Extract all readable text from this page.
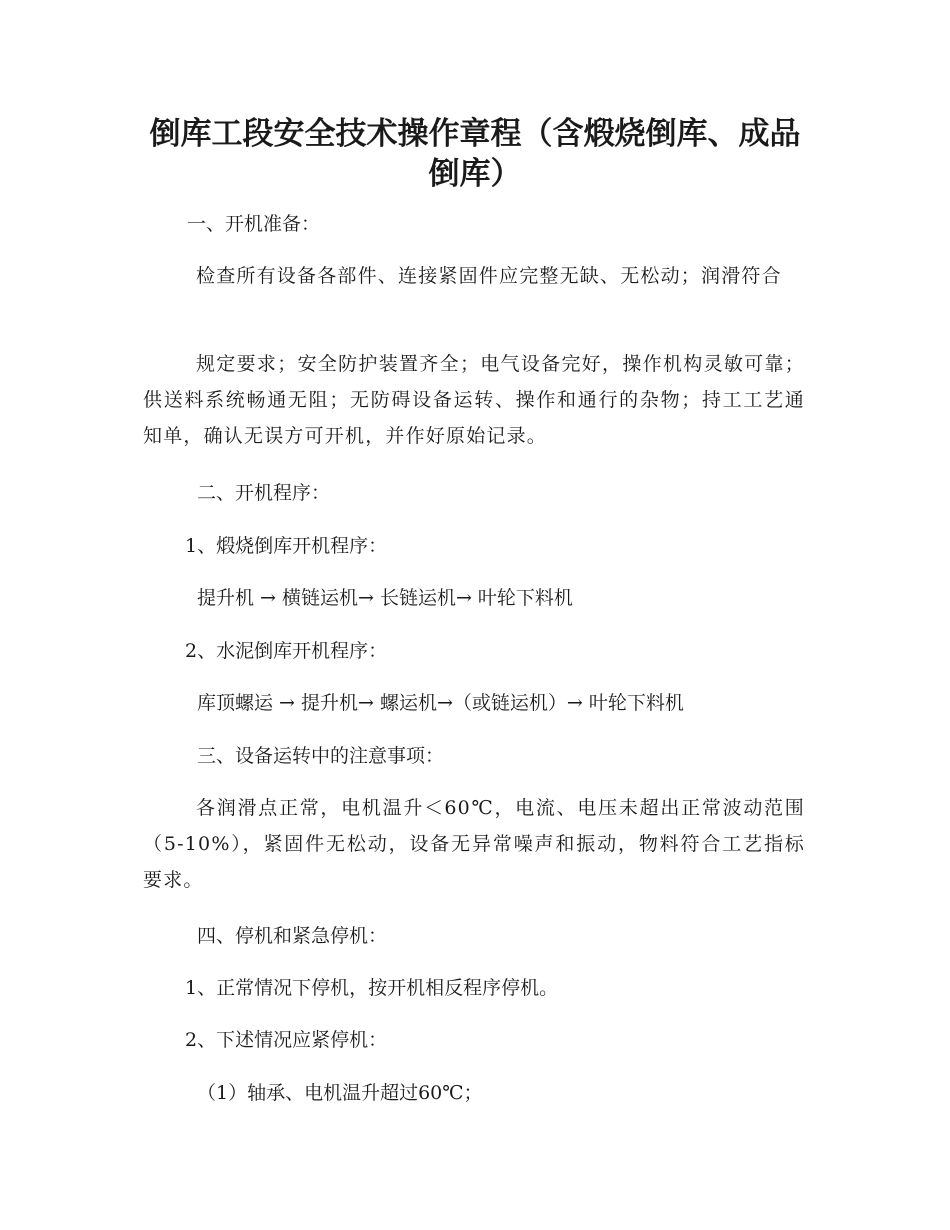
倒库工段安全技术操作章程（含煅烧倒库、成品
倒库）

一、开机准备：

检查所有设备各部件、连接紧固件应完整无缺、无松动；润滑符合

规定要求；安全防护装置齐全；电气设备完好，操作机构灵敏可靠；供送料系统畅通无阻；无防碍设备运转、操作和通行的杂物；持工工艺通知单，确认无误方可开机，并作好原始记录。

二、开机程序：

1、煅烧倒库开机程序：

提升机 → 横链运机→ 长链运机→ 叶轮下料机

2、水泥倒库开机程序：

库顶螺运 → 提升机→ 螺运机→（或链运机）→ 叶轮下料机

三、设备运转中的注意事项：

各润滑点正常，电机温升＜60℃，电流、电压未超出正常波动范围（5-10%），紧固件无松动，设备无异常噪声和振动，物料符合工艺指标要求。

四、停机和紧急停机：

1、正常情况下停机，按开机相反程序停机。

2、下述情况应紧停机：

（1）轴承、电机温升超过60℃；
